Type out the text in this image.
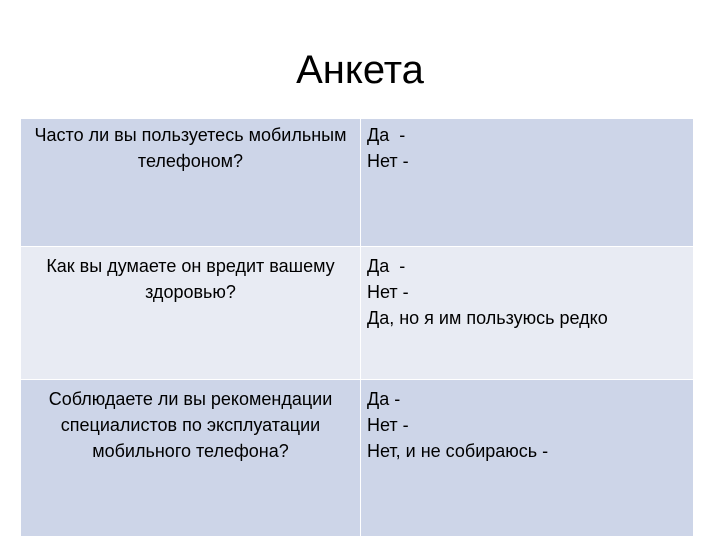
Анкета
Часто ли вы пользуетесь мобильным телефоном?	Да  -
Нет -

Как вы думаете он вредит вашему здоровью?	Да  -
Нет -
Да, но я им пользуюсь редко

Соблюдаете ли вы рекомендации специалистов по эксплуатации мобильного телефона?	Да -
Нет -
Нет, и не собираюсь -
